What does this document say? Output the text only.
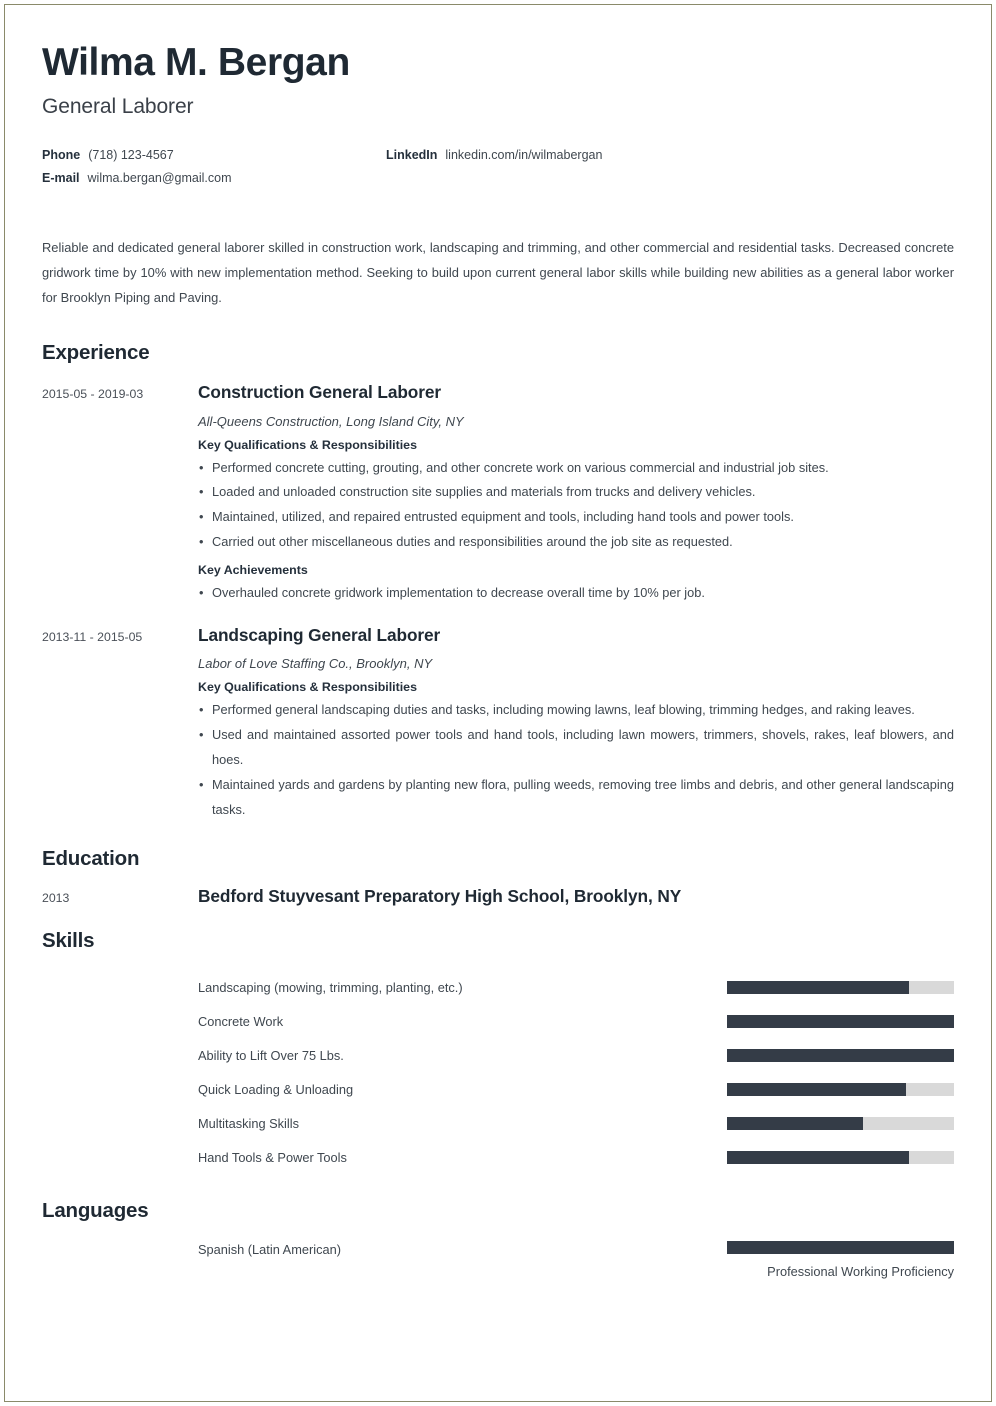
Wilma M. Bergan
General Laborer
Phone (718) 123-4567	LinkedIn linkedin.com/in/wilmabergan
E-mail wilma.bergan@gmail.com
Reliable and dedicated general laborer skilled in construction work, landscaping and trimming, and other commercial and residential tasks. Decreased concrete gridwork time by 10% with new implementation method. Seeking to build upon current general labor skills while building new abilities as a general labor worker for Brooklyn Piping and Paving.
Experience
2015-05 - 2019-03	Construction General Laborer
All-Queens Construction, Long Island City, NY
Key Qualifications & Responsibilities
• Performed concrete cutting, grouting, and other concrete work on various commercial and industrial job sites.
• Loaded and unloaded construction site supplies and materials from trucks and delivery vehicles.
• Maintained, utilized, and repaired entrusted equipment and tools, including hand tools and power tools.
• Carried out other miscellaneous duties and responsibilities around the job site as requested.
Key Achievements
• Overhauled concrete gridwork implementation to decrease overall time by 10% per job.
2013-11 - 2015-05	Landscaping General Laborer
Labor of Love Staffing Co., Brooklyn, NY
Key Qualifications & Responsibilities
• Performed general landscaping duties and tasks, including mowing lawns, leaf blowing, trimming hedges, and raking leaves.
• Used and maintained assorted power tools and hand tools, including lawn mowers, trimmers, shovels, rakes, leaf blowers, and hoes.
• Maintained yards and gardens by planting new flora, pulling weeds, removing tree limbs and debris, and other general landscaping tasks.
Education
2013	Bedford Stuyvesant Preparatory High School, Brooklyn, NY
Skills
Landscaping (mowing, trimming, planting, etc.)
Concrete Work
Ability to Lift Over 75 Lbs.
Quick Loading & Unloading
Multitasking Skills
Hand Tools & Power Tools
Languages
Spanish (Latin American)
Professional Working Proficiency
